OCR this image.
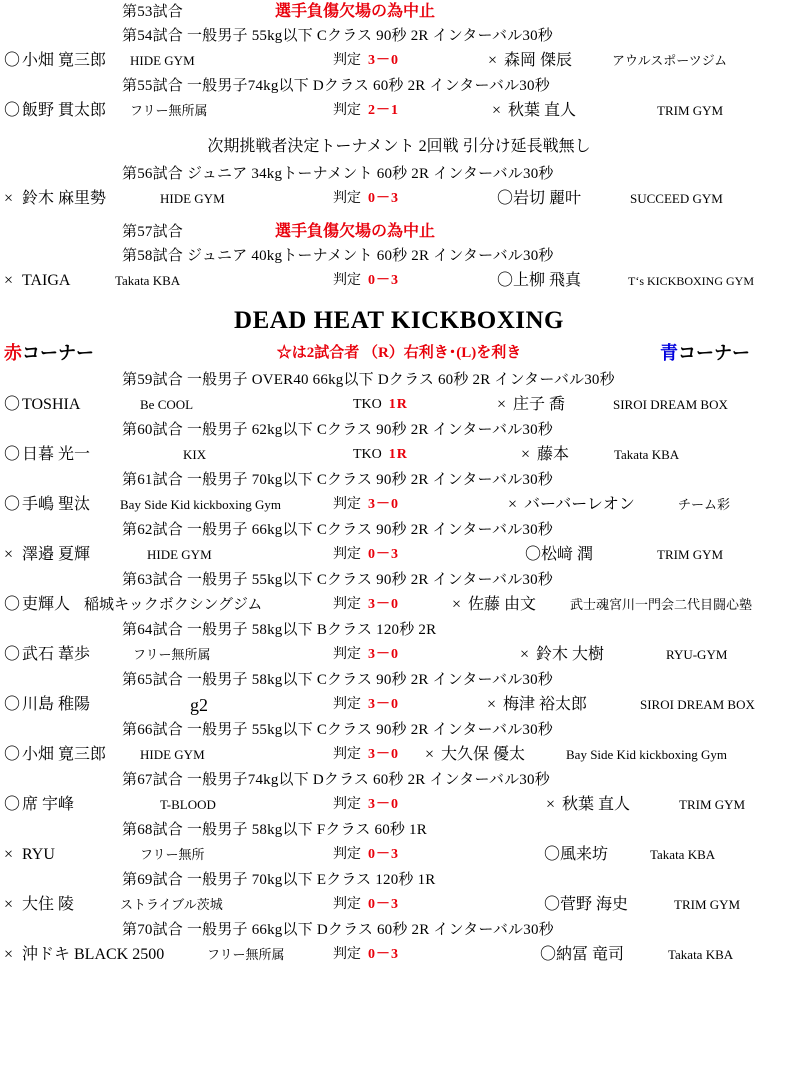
第53試合	選手負傷欠場の為中止
第54試合 一般男子 55kg以下 Cクラス 90秒 2R インターバル30秒
〇 小畑 寛三郎 HIDE GYM	判定 3－0	× 森岡 傑辰	アウルスポーツジム
第55試合 一般男子74kg以下 Dクラス 60秒 2R インターバル30秒
〇 飯野 貫太郎 フリー無所属	判定 2－1	× 秋葉 直人	TRIM GYM
次期挑戦者決定トーナメント 2回戦 引分け延長戦無し
第56試合 ジュニア 34kgトーナメント 60秒 2R インターバル30秒
× 鈴木 麻里勢	HIDE GYM	判定 0－3	〇 岩切 麗叶	SUCCEED GYM
第57試合	選手負傷欠場の為中止
第58試合 ジュニア 40kgトーナメント 60秒 2R インターバル30秒
× TAIGA	Takata KBA	判定 0－3	〇 上柳 飛真	T‘s KICKBOXING GYM
DEAD HEAT KICKBOXING
赤コーナー	☆は2試合者 （R）右利き･(L)を利き	青コーナー
第59試合 一般男子 OVER40 66kg以下 Dクラス 60秒 2R インターバル30秒
〇 TOSHIA	Be COOL	TKO 1R	× 庄子 喬	SIROI DREAM BOX
第60試合 一般男子 62kg以下 Cクラス 90秒 2R インターバル30秒
〇 日暮 光一	KIX	TKO 1R	× 藤本	Takata KBA
第61試合 一般男子 70kg以下 Cクラス 90秒 2R インターバル30秒
〇 手嶋 聖汰 Bay Side Kid kickboxing Gym	判定 3－0	× バーバーレオン	チーム彩
第62試合 一般男子 66kg以下 Cクラス 90秒 2R インターバル30秒
× 澤邉 夏輝	HIDE GYM	判定 0－3	〇 松﨑 潤	TRIM GYM
第63試合 一般男子 55kg以下 Cクラス 90秒 2R インターバル30秒
〇 吏輝人 稲城キックボクシングジム	判定 3－0	× 佐藤 由文	武士魂宮川一門会二代目闘心塾
第64試合 一般男子 58kg以下 Bクラス 120秒 2R
〇 武石 葦歩	フリー無所属	判定 3－0	× 鈴木 大樹	RYU-GYM
第65試合 一般男子 58kg以下 Cクラス 90秒 2R インターバル30秒
〇 川島 稚陽	g2	判定 3－0	× 梅津 裕太郎	SIROI DREAM BOX
第66試合 一般男子 55kg以下 Cクラス 90秒 2R インターバル30秒
〇 小畑 寛三郎	HIDE GYM	判定 3－0 × 大久保 優太	Bay Side Kid kickboxing Gym
第67試合 一般男子74kg以下 Dクラス 60秒 2R インターバル30秒
〇 席 宇峰	T-BLOOD	判定 3－0	× 秋葉 直人	TRIM GYM
第68試合 一般男子 58kg以下 Fクラス 60秒 1R
× RYU	フリー無所	判定 0－3	〇 風来坊	Takata KBA
第69試合 一般男子 70kg以下 Eクラス 120秒 1R
× 大住 陵	ストライブル茨城	判定 0－3	〇 菅野 海史	TRIM GYM
第70試合 一般男子 66kg以下 Dクラス 60秒 2R インターバル30秒
× 沖ドキ BLACK 2500	フリー無所属	判定 0－3	〇 納冨 竜司	Takata KBA
